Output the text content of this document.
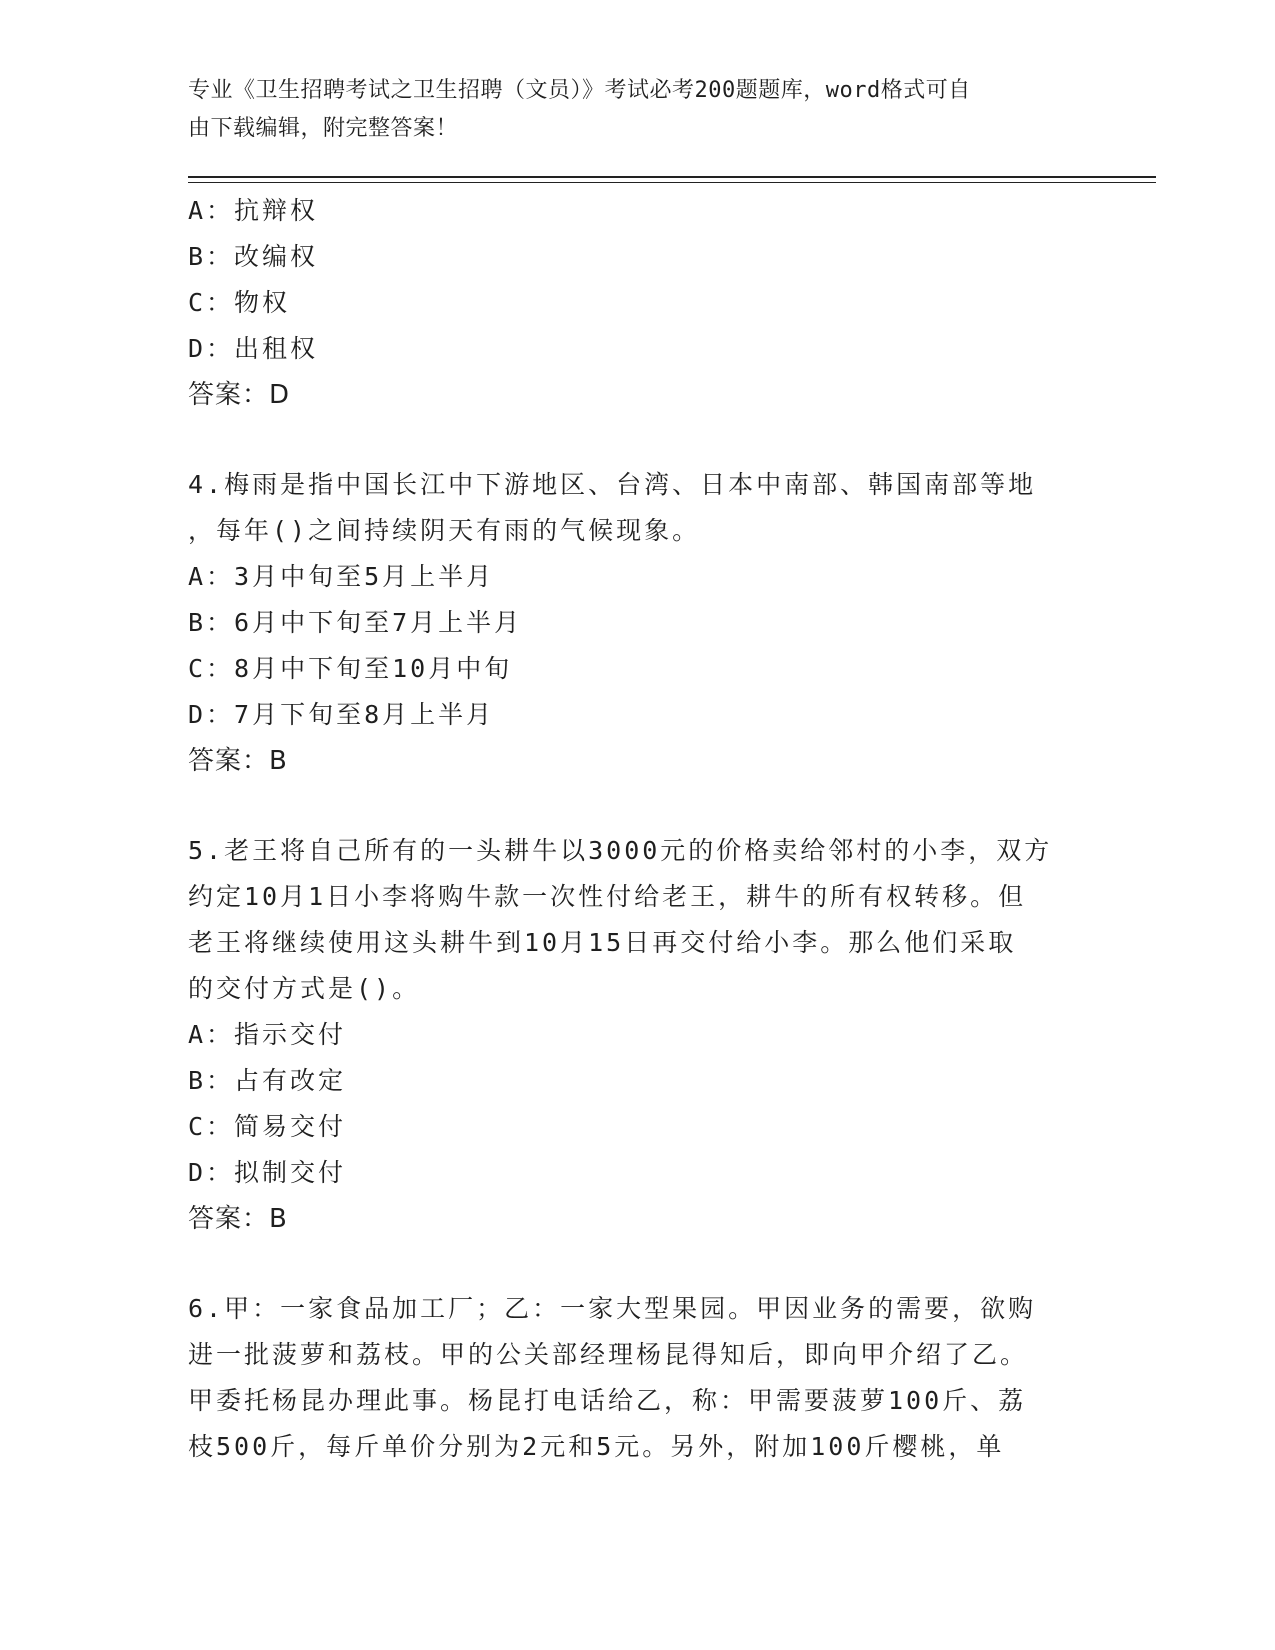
专业《卫生招聘考试之卫生招聘（文员）》考试必考200题题库，word格式可自
由下载编辑，附完整答案！
A：抗辩权
B：改编权
C：物权
D：出租权
答案：D
4.梅雨是指中国长江中下游地区、台湾、日本中南部、韩国南部等地
，每年()之间持续阴天有雨的气候现象。
A：3月中旬至5月上半月
B：6月中下旬至7月上半月
C：8月中下旬至10月中旬
D：7月下旬至8月上半月
答案：B
5.老王将自己所有的一头耕牛以3000元的价格卖给邻村的小李，双方
约定10月1日小李将购牛款一次性付给老王，耕牛的所有权转移。但
老王将继续使用这头耕牛到10月15日再交付给小李。那么他们采取
的交付方式是()。
A：指示交付
B：占有改定
C：简易交付
D：拟制交付
答案：B
6.甲：一家食品加工厂；乙：一家大型果园。甲因业务的需要，欲购
进一批菠萝和荔枝。甲的公关部经理杨昆得知后，即向甲介绍了乙。
甲委托杨昆办理此事。杨昆打电话给乙，称：甲需要菠萝100斤、荔
枝500斤，每斤单价分别为2元和5元。另外，附加100斤樱桃，单
